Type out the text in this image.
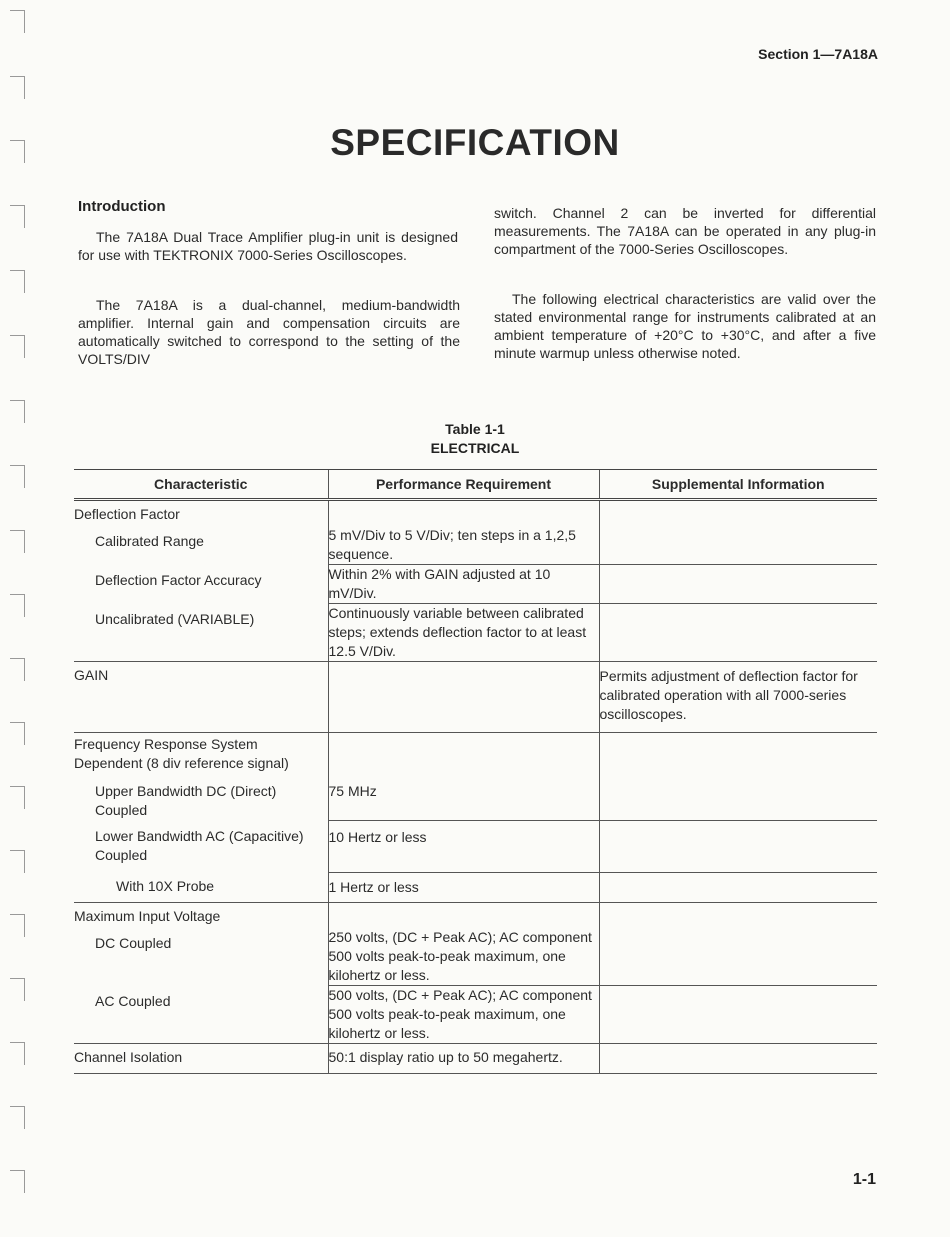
Section 1—7A18A
SPECIFICATION
Introduction
The 7A18A Dual Trace Amplifier plug-in unit is designed for use with TEKTRONIX 7000-Series Oscilloscopes.
The 7A18A is a dual-channel, medium-bandwidth amplifier. Internal gain and compensation circuits are automatically switched to correspond to the setting of the VOLTS/DIV
switch. Channel 2 can be inverted for differential measurements. The 7A18A can be operated in any plug-in compartment of the 7000-Series Oscilloscopes.
The following electrical characteristics are valid over the stated environmental range for instruments calibrated at an ambient temperature of +20°C to +30°C, and after a five minute warmup unless otherwise noted.
Table 1-1
ELECTRICAL
Characteristic	Performance Requirement	Supplemental Information
Deflection Factor		
Calibrated Range	5 mV/Div to 5 V/Div; ten steps in a 1,2,5 sequence.	
Deflection Factor Accuracy	Within 2% with GAIN adjusted at 10 mV/Div.	
Uncalibrated (VARIABLE)	Continuously variable between calibrated steps; extends deflection factor to at least 12.5 V/Div.	
GAIN		Permits adjustment of deflection factor for calibrated operation with all 7000-series oscilloscopes.
Frequency Response System Dependent (8 div reference signal)		
Upper Bandwidth DC (Direct) Coupled	75 MHz	
Lower Bandwidth AC (Capacitive) Coupled	10 Hertz or less	
With 10X Probe	1 Hertz or less	
Maximum Input Voltage		
DC Coupled	250 volts, (DC + Peak AC); AC component 500 volts peak-to-peak maximum, one kilohertz or less.	
AC Coupled	500 volts, (DC + Peak AC); AC component 500 volts peak-to-peak maximum, one kilohertz or less.	
Channel Isolation	50:1 display ratio up to 50 megahertz.	
1-1
